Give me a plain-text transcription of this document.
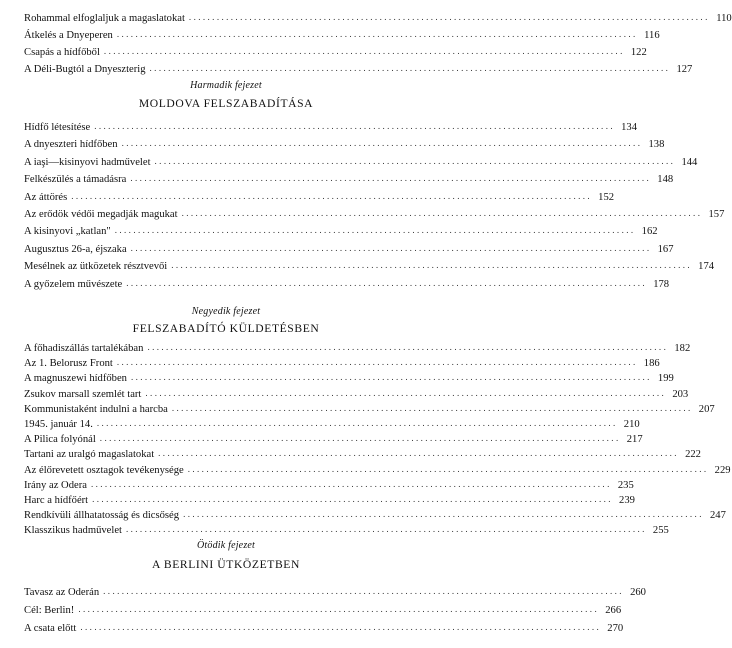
Rohammal elfoglaljuk a magaslatokat ................................................................................................................ 110
Átkelés a Dnyeperen ................................................................................................................ 116
Csapás a hídfőből ................................................................................................................ 122
A Déli-Bugtól a Dnyeszterig ................................................................................................................ 127
Harmadik fejezet
MOLDOVA FELSZABADÍTÁSA
Hídfő létesítése ................................................................................................................ 134
A dnyeszteri hídfőben ................................................................................................................ 138
A iaşi—kisinyovi hadművelet ................................................................................................................ 144
Felkészülés a támadásra ................................................................................................................ 148
Az áttörés ................................................................................................................ 152
Az erődök védői megadják magukat ................................................................................................................ 157
A kisinyovi „katlan" ................................................................................................................ 162
Augusztus 26-a, éjszaka ................................................................................................................ 167
Mesélnek az ütközetek résztvevői ................................................................................................................ 174
A győzelem művészete ................................................................................................................ 178
Negyedik fejezet
FELSZABADÍTÓ KÜLDETÉSBEN
A főhadiszállás tartalékában ................................................................................................................ 182
Az 1. Belorusz Front ................................................................................................................ 186
A magnuszewi hídfőben ................................................................................................................ 199
Zsukov marsall szemlét tart ................................................................................................................ 203
Kommunistaként indulni a harcba ................................................................................................................ 207
1945. január 14. ................................................................................................................ 210
A Pilica folyónál ................................................................................................................ 217
Tartani az uralgó magaslatokat ................................................................................................................ 222
Az élőrevetett osztagok tevékenysége ................................................................................................................ 229
Irány az Odera ................................................................................................................ 235
Harc a hídfőért ................................................................................................................ 239
Rendkívüli állhatatosság és dicsőség ................................................................................................................ 247
Klasszikus hadművelet ................................................................................................................ 255
Ötödik fejezet
A BERLINI ÜTKÖZETBEN
Tavasz az Oderán ................................................................................................................ 260
Cél: Berlin! ................................................................................................................ 266
A csata előtt ................................................................................................................ 270
